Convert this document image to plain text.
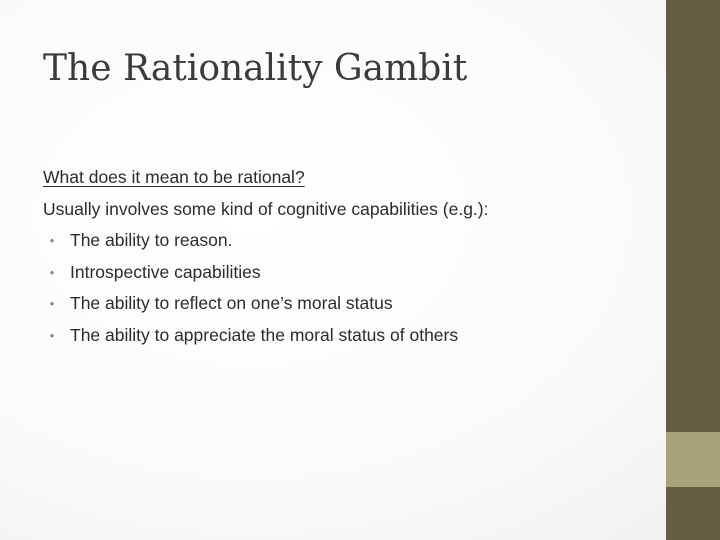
The Rationality Gambit
What does it mean to be rational?
Usually involves some kind of cognitive capabilities (e.g.):
• The ability to reason.
• Introspective capabilities
• The ability to reflect on one’s moral status
• The ability to appreciate the moral status of others
